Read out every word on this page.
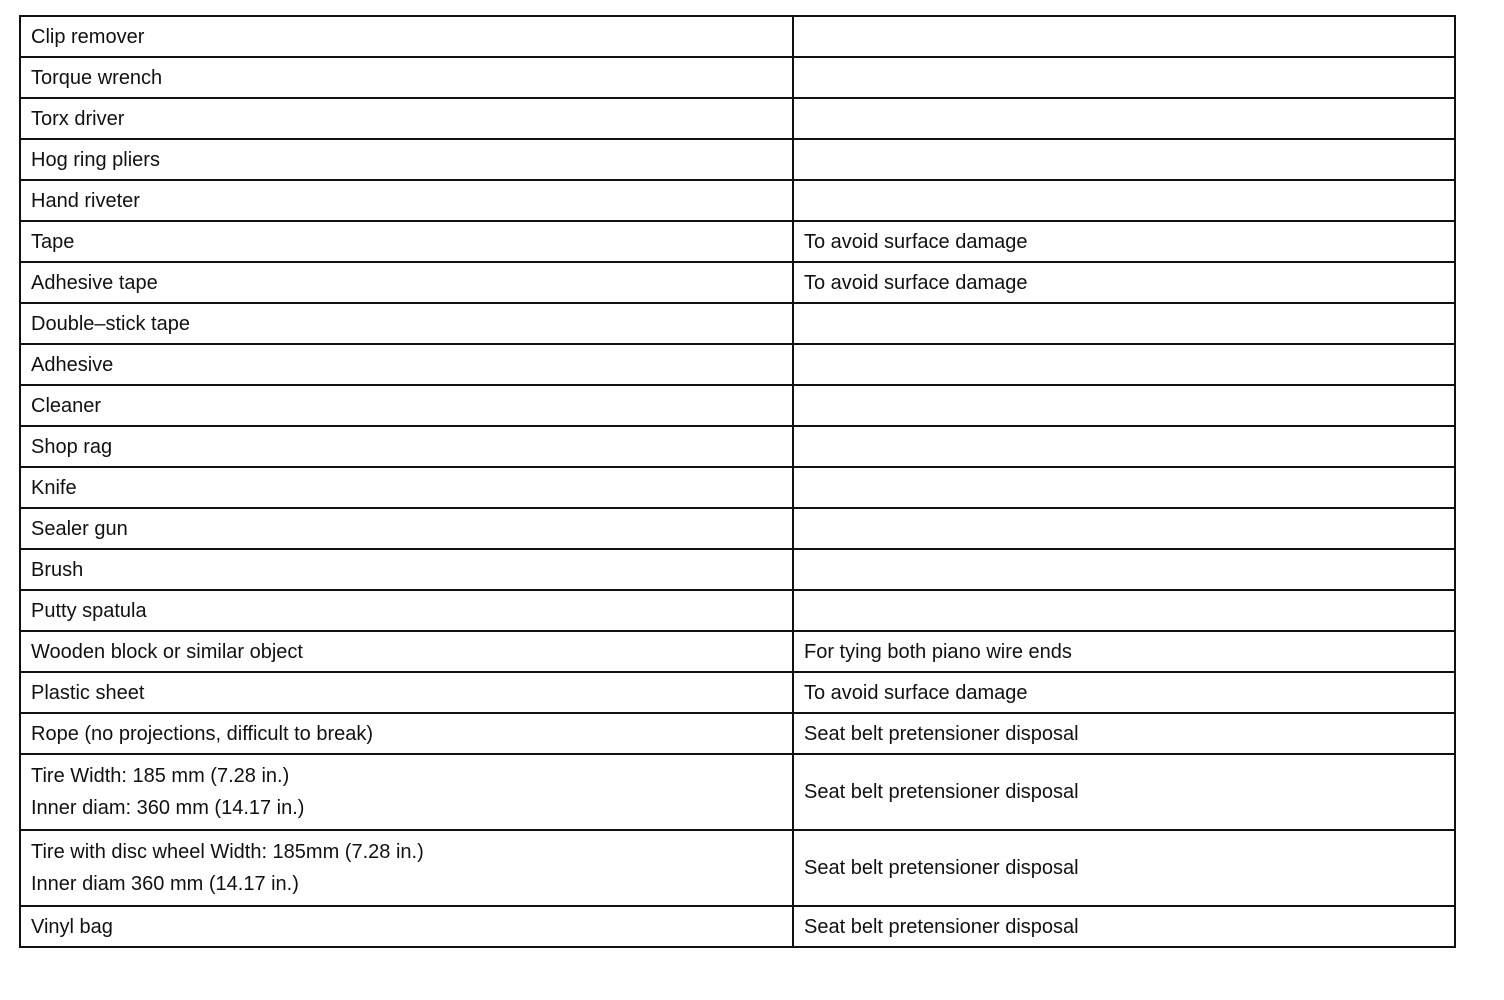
Clip remover	

Torque wrench	

Torx driver	

Hog ring pliers	

Hand riveter	

Tape	To avoid surface damage

Adhesive tape	To avoid surface damage

Double–stick tape	

Adhesive	

Cleaner	

Shop rag	

Knife	

Sealer gun	

Brush	

Putty spatula	

Wooden block or similar object	For tying both piano wire ends

Plastic sheet	To avoid surface damage

Rope (no projections, difficult to break)	Seat belt pretensioner disposal

Tire Width: 185 mm (7.28 in.)
Inner diam: 360 mm (14.17 in.)	Seat belt pretensioner disposal

Tire with disc wheel Width: 185mm (7.28 in.)
Inner diam 360 mm (14.17 in.)	Seat belt pretensioner disposal

Vinyl bag	Seat belt pretensioner disposal
